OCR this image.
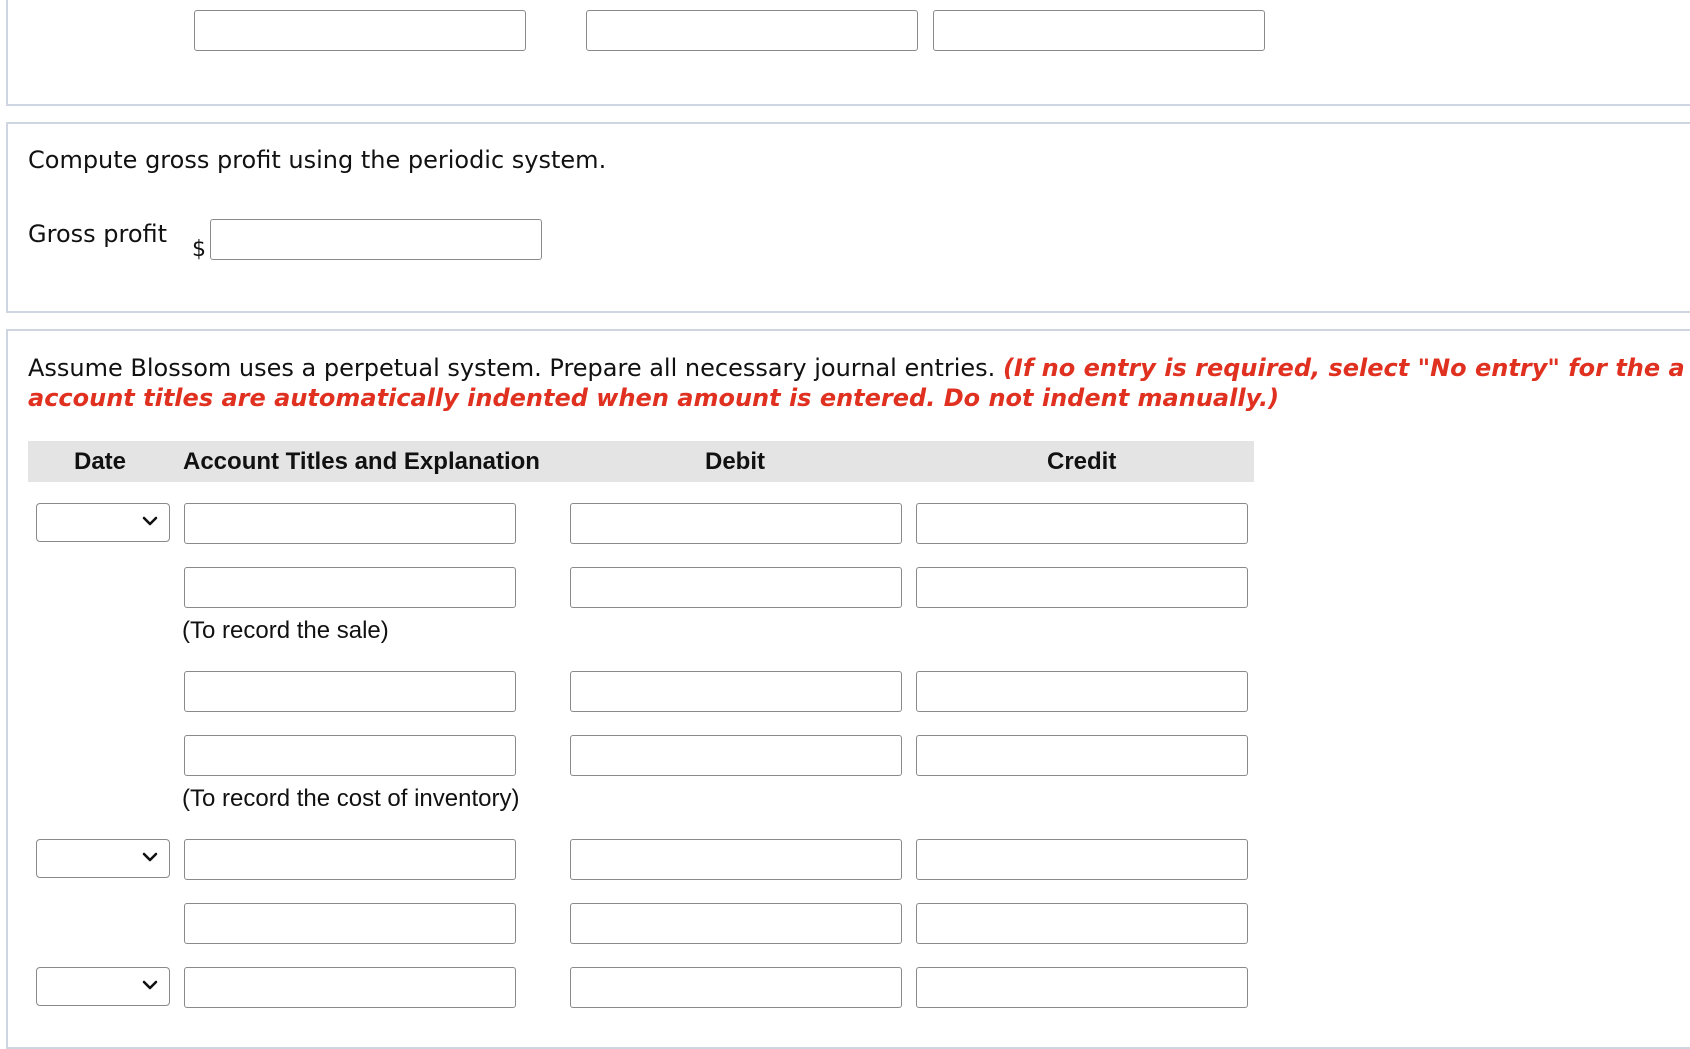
Compute gross profit using the periodic system.
Gross profit
$
Assume Blossom uses a perpetual system. Prepare all necessary journal entries. (If no entry is required, select "No entry" for the a
account titles are automatically indented when amount is entered. Do not indent manually.)
Date Account Titles and Explanation	Debit	Credit
(To record the sale)
(To record the cost of inventory)
